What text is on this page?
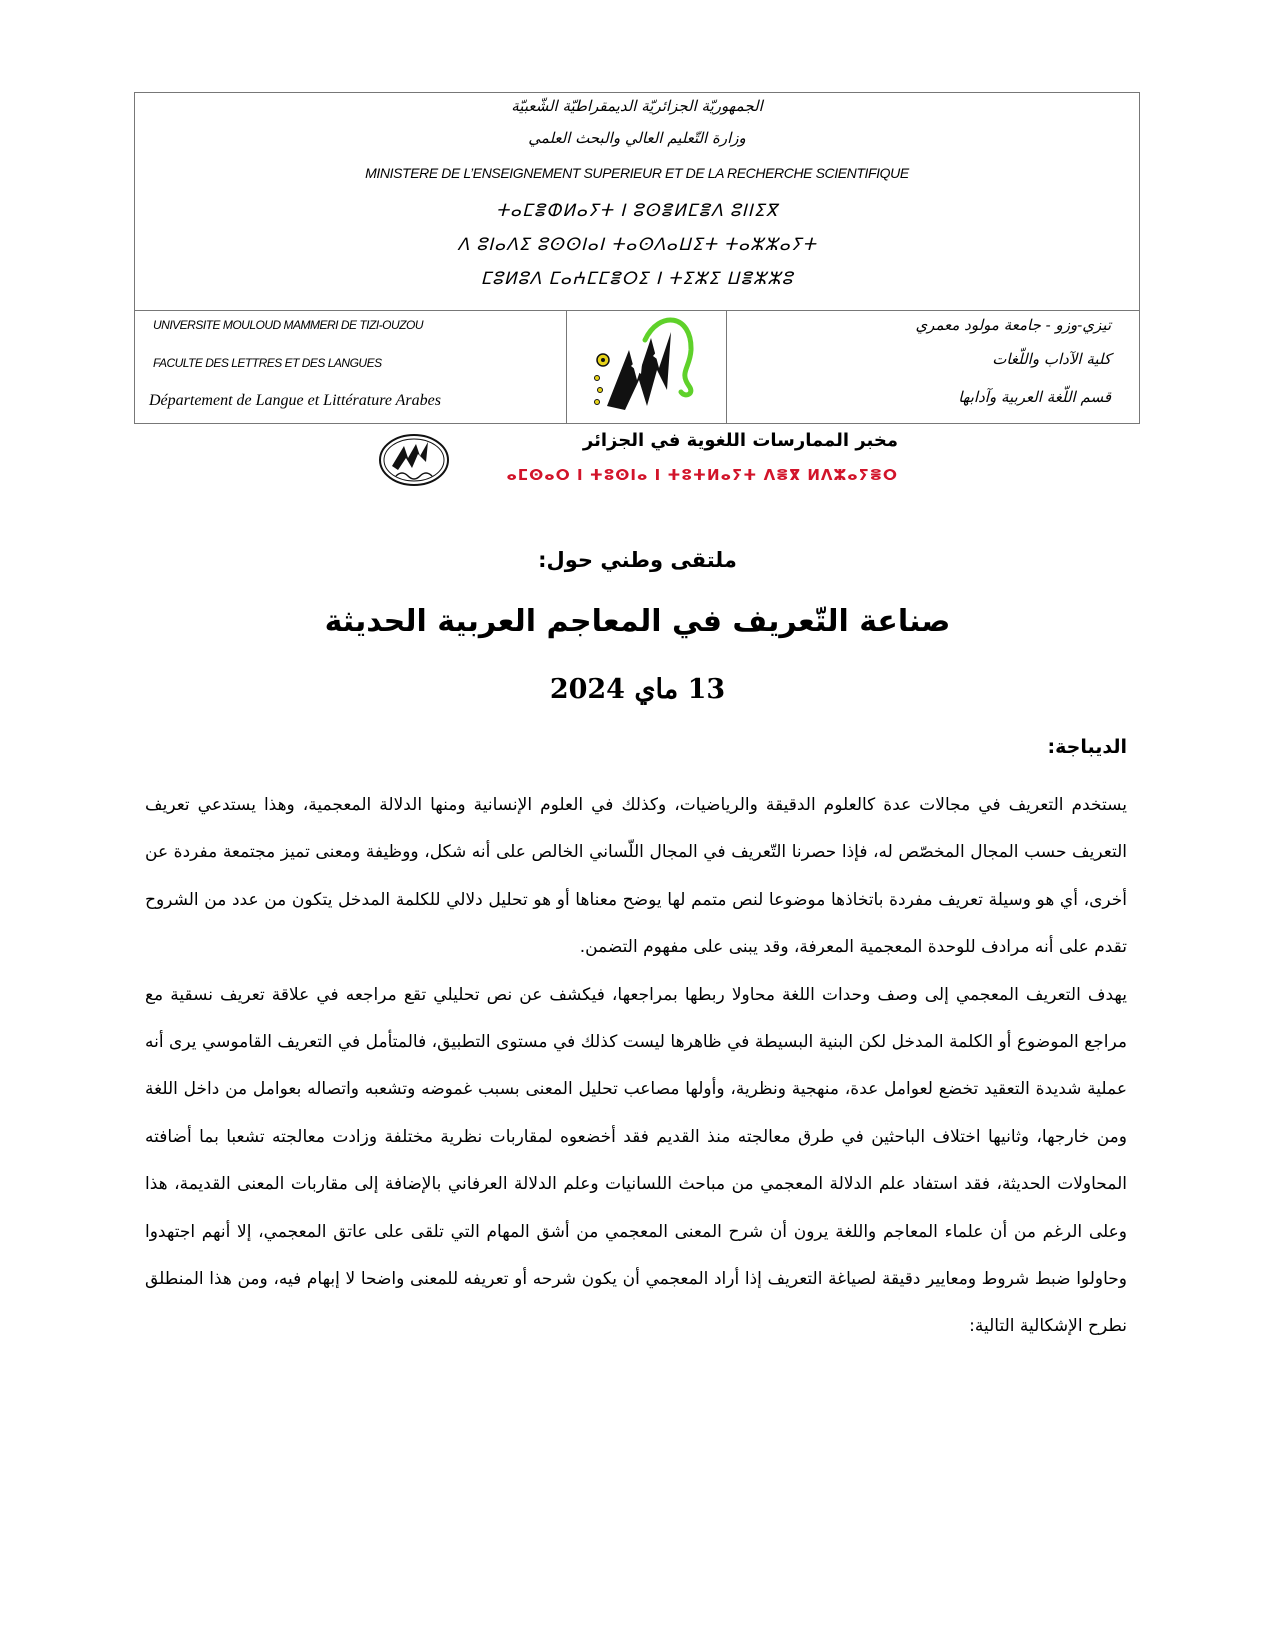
الجمهوريّة الجزائريّة الديمقراطيّة الشّعبيّة
وزارة التّعليم العالي والبحث العلمي
MINISTERE DE L’ENSEIGNEMENT SUPERIEUR ET DE LA RECHERCHE SCIENTIFIQUE
ⵜⴰⵎⴻⵀⵍⴰⵢⵜ ⵏ ⵓⵙⴻⵍⵎⴻⴷ ⵓⵏⵏⵉⴳ
ⴷ ⵓⵏⴰⴷⵉ ⵓⵙⵙⵏⴰⵏ ⵜⴰⵙⴷⴰⵡⵉⵜ ⵜⴰⵣⵣⴰⵢⵜ
ⵎⵓⵍⵓⴷ ⵎⴰⵄⵎⵎⴻⵔⵉ ⵏ ⵜⵉⵣⵉ ⵡⴻⵣⵣⵓ
UNIVERSITE MOULOUD MAMMERI DE TIZI-OUZOU
FACULTE DES LETTRES ET DES LANGUES
Département de Langue et Littérature Arabes
تيزي-وزو - جامعة مولود معمري
كلية الآداب واللّغات
قسم اللّغة العربية وآدابها
مخبر الممارسات اللغوية في الجزائر
ⴰⵎⵙⴰⵔ ⵏ ⵜⵓⵙⵏⴰ ⵏ ⵜⵓⵜⵍⴰⵢⵜ ⴷⴻⴳ ⵍⴷⵣⴰⵢⴻⵔ
ملتقى وطني حول:
صناعة التّعريف في المعاجم العربية الحديثة
13 ماي 2024
الديباجة:

يستخدم التعريف في مجالات عدة كالعلوم الدقيقة والرياضيات، وكذلك في العلوم الإنسانية ومنها الدلالة المعجمية، وهذا يستدعي تعريف التعريف حسب المجال المخصّص له، فإذا حصرنا التّعريف في المجال اللّساني الخالص على أنه شكل، ووظيفة ومعنى تميز مجتمعة مفردة عن أخرى، أي هو وسيلة تعريف مفردة باتخاذها موضوعا لنص متمم لها يوضح معناها أو هو تحليل دلالي للكلمة المدخل يتكون من عدد من الشروح تقدم على أنه مرادف للوحدة المعجمية المعرفة، وقد يبنى على مفهوم التضمن.

يهدف التعريف المعجمي إلى وصف وحدات اللغة محاولا ربطها بمراجعها، فيكشف عن نص تحليلي تقع مراجعه في علاقة تعريف نسقية مع مراجع الموضوع أو الكلمة المدخل لكن البنية البسيطة في ظاهرها ليست كذلك في مستوى التطبيق، فالمتأمل في التعريف القاموسي يرى أنه عملية شديدة التعقيد تخضع لعوامل عدة، منهجية ونظرية، وأولها مصاعب تحليل المعنى بسبب غموضه وتشعبه واتصاله بعوامل من داخل اللغة ومن خارجها، وثانيها اختلاف الباحثين في طرق معالجته منذ القديم فقد أخضعوه لمقاربات نظرية مختلفة وزادت معالجته تشعبا بما أضافته المحاولات الحديثة، فقد استفاد علم الدلالة المعجمي من مباحث اللسانيات وعلم الدلالة العرفاني بالإضافة إلى مقاربات المعنى القديمة، هذا وعلى الرغم من أن علماء المعاجم واللغة يرون أن شرح المعنى المعجمي من أشق المهام التي تلقى على عاتق المعجمي، إلا أنهم اجتهدوا وحاولوا ضبط شروط ومعايير دقيقة لصياغة التعريف إذا أراد المعجمي أن يكون شرحه أو تعريفه للمعنى واضحا لا إبهام فيه، ومن هذا المنطلق نطرح الإشكالية التالية:
